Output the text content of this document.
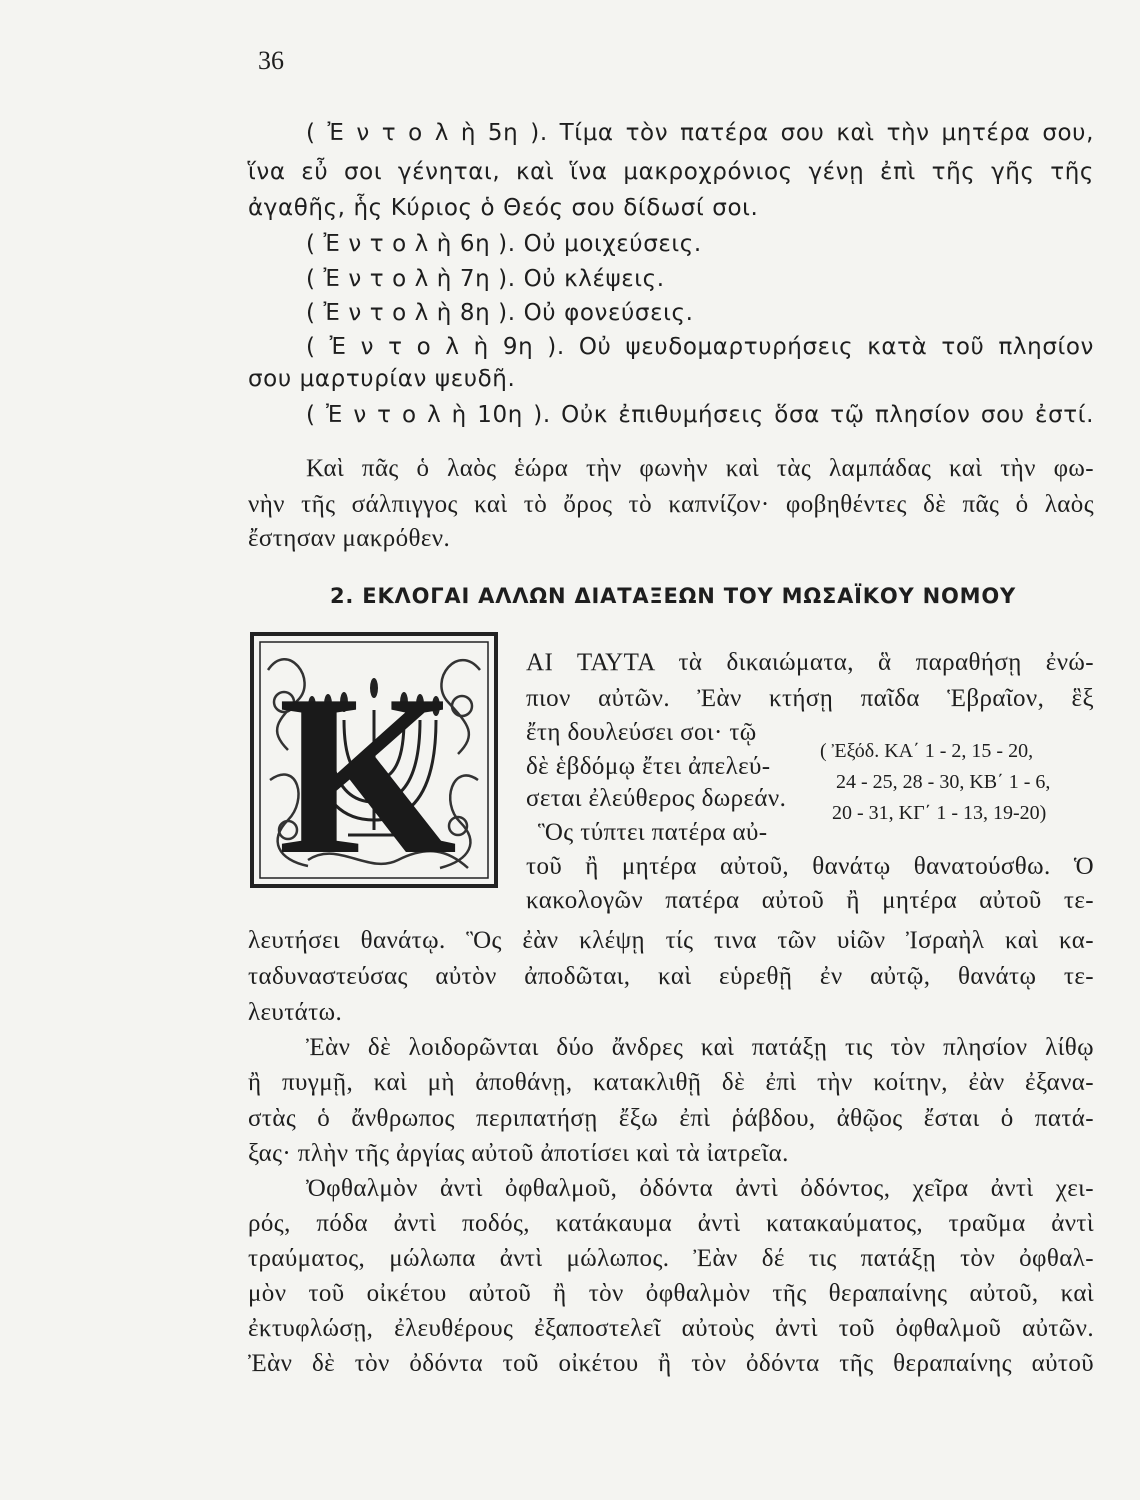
36
( Ἐ ν τ ο λ ὴ 5η ). Τίμα τὸν πατέρα σου καὶ τὴν μητέρα σου,
ἵνα εὖ σοι γένηται, καὶ ἵνα μακροχρόνιος γένῃ ἐπὶ τῆς γῆς τῆς
ἀγαθῆς, ἧς Κύριος ὁ Θεός σου δίδωσί σοι.
( Ἐ ν τ ο λ ὴ 6η ). Οὐ μοιχεύσεις.
( Ἐ ν τ ο λ ὴ 7η ). Οὐ κλέψεις.
( Ἐ ν τ ο λ ὴ 8η ). Οὐ φονεύσεις.
( Ἐ ν τ ο λ ὴ 9η ). Οὐ ψευδομαρτυρήσεις κατὰ τοῦ πλησίον
σου μαρτυρίαν ψευδῆ.
( Ἐ ν τ ο λ ὴ 10η ). Οὐκ ἐπιθυμήσεις ὅσα τῷ πλησίον σου ἐστί.
Καὶ πᾶς ὁ λαὸς ἑώρα τὴν φωνὴν καὶ τὰς λαμπάδας καὶ τὴν φω-
νὴν τῆς σάλπιγγος καὶ τὸ ὄρος τὸ καπνίζον· φοβηθέντες δὲ πᾶς ὁ λαὸς
ἔστησαν μακρόθεν.
2. ΕΚΛΟΓΑΙ ΑΛΛΩΝ ΔΙΑΤΑΞΕΩΝ ΤΟΥ ΜΩΣΑΪΚΟΥ ΝΟΜΟΥ
K	ΑΙ ΤΑΥΤΑ τὰ δικαιώματα, ἃ παραθήσῃ ἐνώ-
πιον αὐτῶν. Ἐὰν κτήσῃ παῖδα Ἑβραῖον, ἓξ
ἔτη δουλεύσει σοι· τῷ
δὲ ἑβδόμῳ ἔτει ἀπελεύ-
σεται ἐλεύθερος δωρεάν.
Ὃς τύπτει πατέρα αὐ-
τοῦ ἢ μητέρα αὐτοῦ, θανάτῳ θανατούσθω. Ὁ
κακολογῶν πατέρα αὐτοῦ ἢ μητέρα αὐτοῦ τε-
( Ἐξόδ. ΚΑ΄ 1 - 2, 15 - 20,
24 - 25, 28 - 30, ΚΒ΄ 1 - 6,
20 - 31, ΚΓ΄ 1 - 13, 19-20)
λευτήσει θανάτῳ. Ὃς ἐὰν κλέψῃ τίς τινα τῶν υἱῶν Ἰσραὴλ καὶ κα-
ταδυναστεύσας αὐτὸν ἀποδῶται, καὶ εὑρεθῇ ἐν αὐτῷ, θανάτῳ τε-
λευτάτω.
Ἐὰν δὲ λοιδορῶνται δύο ἄνδρες καὶ πατάξῃ τις τὸν πλησίον λίθῳ
ἢ πυγμῇ, καὶ μὴ ἀποθάνῃ, κατακλιθῇ δὲ ἐπὶ τὴν κοίτην, ἐὰν ἐξανα-
στὰς ὁ ἄνθρωπος περιπατήσῃ ἔξω ἐπὶ ῥάβδου, ἀθῷος ἔσται ὁ πατά-
ξας· πλὴν τῆς ἀργίας αὐτοῦ ἀποτίσει καὶ τὰ ἰατρεῖα.
Ὀφθαλμὸν ἀντὶ ὀφθαλμοῦ, ὀδόντα ἀντὶ ὀδόντος, χεῖρα ἀντὶ χει-
ρός, πόδα ἀντὶ ποδός, κατάκαυμα ἀντὶ κατακαύματος, τραῦμα ἀντὶ
τραύματος, μώλωπα ἀντὶ μώλωπος. Ἐὰν δέ τις πατάξῃ τὸν ὀφθαλ-
μὸν τοῦ οἰκέτου αὐτοῦ ἢ τὸν ὀφθαλμὸν τῆς θεραπαίνης αὐτοῦ, καὶ
ἐκτυφλώσῃ, ἐλευθέρους ἐξαποστελεῖ αὐτοὺς ἀντὶ τοῦ ὀφθαλμοῦ αὐτῶν.
Ἐὰν δὲ τὸν ὀδόντα τοῦ οἰκέτου ἢ τὸν ὀδόντα τῆς θεραπαίνης αὐτοῦ
